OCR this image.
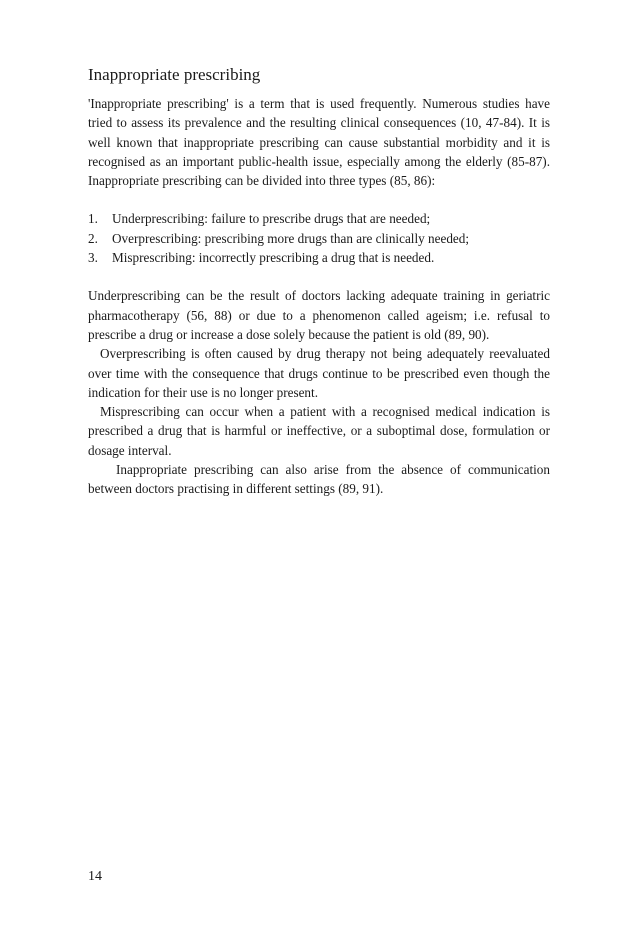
Inappropriate prescribing

'Inappropriate prescribing' is a term that is used frequently. Numerous studies have tried to assess its prevalence and the resulting clinical consequences (10, 47-84). It is well known that inappropriate prescribing can cause substantial morbidity and it is recognised as an important public-health issue, especially among the elderly (85-87). Inappropriate prescribing can be divided into three types (85, 86):

1.	Underprescribing: failure to prescribe drugs that are needed;
2.	Overprescribing: prescribing more drugs than are clinically needed;
3.	Misprescribing: incorrectly prescribing a drug that is needed.

Underprescribing can be the result of doctors lacking adequate training in geriatric pharmacotherapy (56, 88) or due to a phenomenon called ageism; i.e. refusal to prescribe a drug or increase a dose solely because the patient is old (89, 90).

Overprescribing is often caused by drug therapy not being adequately reevaluated over time with the consequence that drugs continue to be prescribed even though the indication for their use is no longer present.

Misprescribing can occur when a patient with a recognised medical indication is prescribed a drug that is harmful or ineffective, or a suboptimal dose, formulation or dosage interval.

Inappropriate prescribing can also arise from the absence of communication between doctors practising in different settings (89, 91).

14
